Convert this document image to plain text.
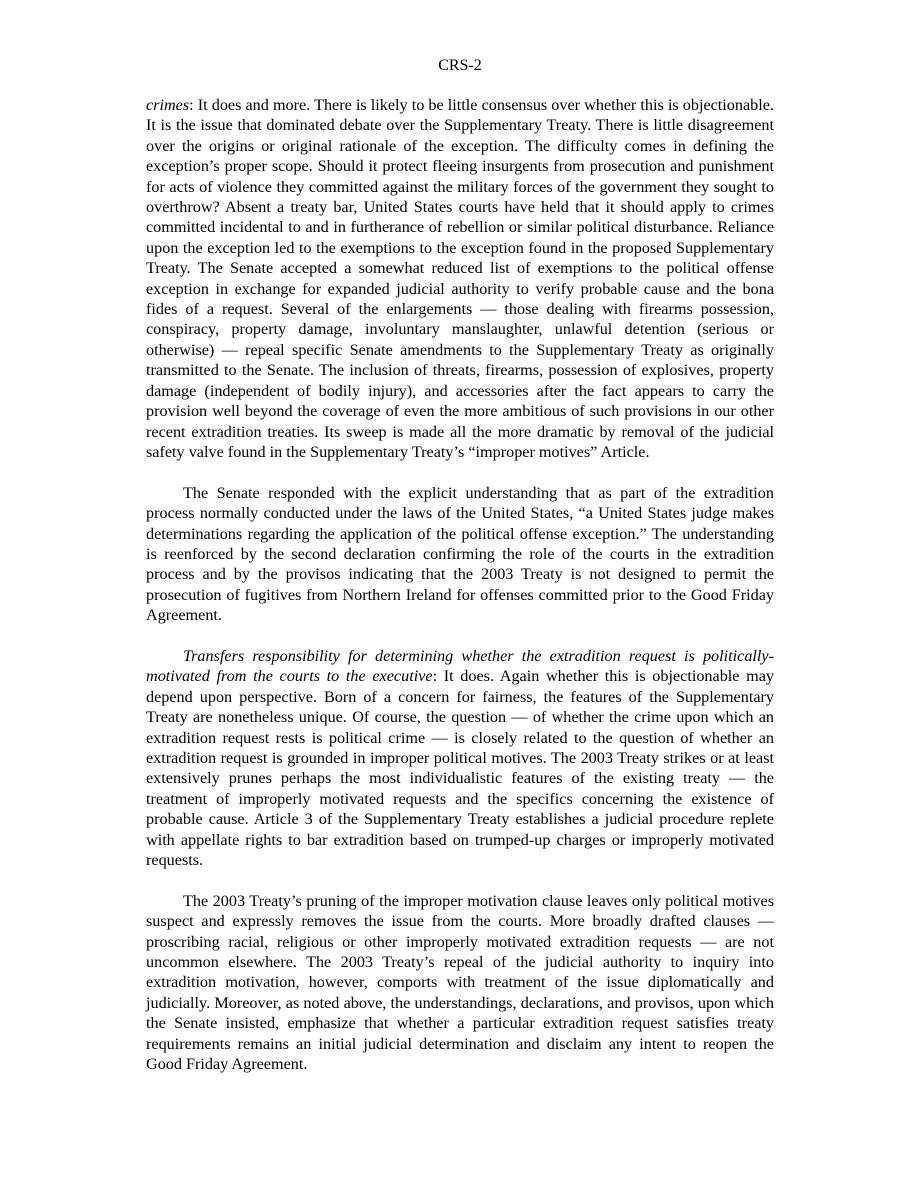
CRS-2

crimes: It does and more. There is likely to be little consensus over whether this is objectionable. It is the issue that dominated debate over the Supplementary Treaty. There is little disagreement over the origins or original rationale of the exception. The difficulty comes in defining the exception’s proper scope. Should it protect fleeing insurgents from prosecution and punishment for acts of violence they committed against the military forces of the government they sought to overthrow? Absent a treaty bar, United States courts have held that it should apply to crimes committed incidental to and in furtherance of rebellion or similar political disturbance. Reliance upon the exception led to the exemptions to the exception found in the proposed Supplementary Treaty. The Senate accepted a somewhat reduced list of exemptions to the political offense exception in exchange for expanded judicial authority to verify probable cause and the bona fides of a request. Several of the enlargements — those dealing with firearms possession, conspiracy, property damage, involuntary manslaughter, unlawful detention (serious or otherwise) — repeal specific Senate amendments to the Supplementary Treaty as originally transmitted to the Senate. The inclusion of threats, firearms, possession of explosives, property damage (independent of bodily injury), and accessories after the fact appears to carry the provision well beyond the coverage of even the more ambitious of such provisions in our other recent extradition treaties. Its sweep is made all the more dramatic by removal of the judicial safety valve found in the Supplementary Treaty’s “improper motives” Article.

The Senate responded with the explicit understanding that as part of the extradition process normally conducted under the laws of the United States, “a United States judge makes determinations regarding the application of the political offense exception.” The understanding is reenforced by the second declaration confirming the role of the courts in the extradition process and by the provisos indicating that the 2003 Treaty is not designed to permit the prosecution of fugitives from Northern Ireland for offenses committed prior to the Good Friday Agreement.

Transfers responsibility for determining whether the extradition request is politically-motivated from the courts to the executive: It does. Again whether this is objectionable may depend upon perspective. Born of a concern for fairness, the features of the Supplementary Treaty are nonetheless unique. Of course, the question — of whether the crime upon which an extradition request rests is political crime — is closely related to the question of whether an extradition request is grounded in improper political motives. The 2003 Treaty strikes or at least extensively prunes perhaps the most individualistic features of the existing treaty — the treatment of improperly motivated requests and the specifics concerning the existence of probable cause. Article 3 of the Supplementary Treaty establishes a judicial procedure replete with appellate rights to bar extradition based on trumped-up charges or improperly motivated requests.

The 2003 Treaty’s pruning of the improper motivation clause leaves only political motives suspect and expressly removes the issue from the courts. More broadly drafted clauses — proscribing racial, religious or other improperly motivated extradition requests — are not uncommon elsewhere. The 2003 Treaty’s repeal of the judicial authority to inquiry into extradition motivation, however, comports with treatment of the issue diplomatically and judicially. Moreover, as noted above, the understandings, declarations, and provisos, upon which the Senate insisted, emphasize that whether a particular extradition request satisfies treaty requirements remains an initial judicial determination and disclaim any intent to reopen the Good Friday Agreement.
